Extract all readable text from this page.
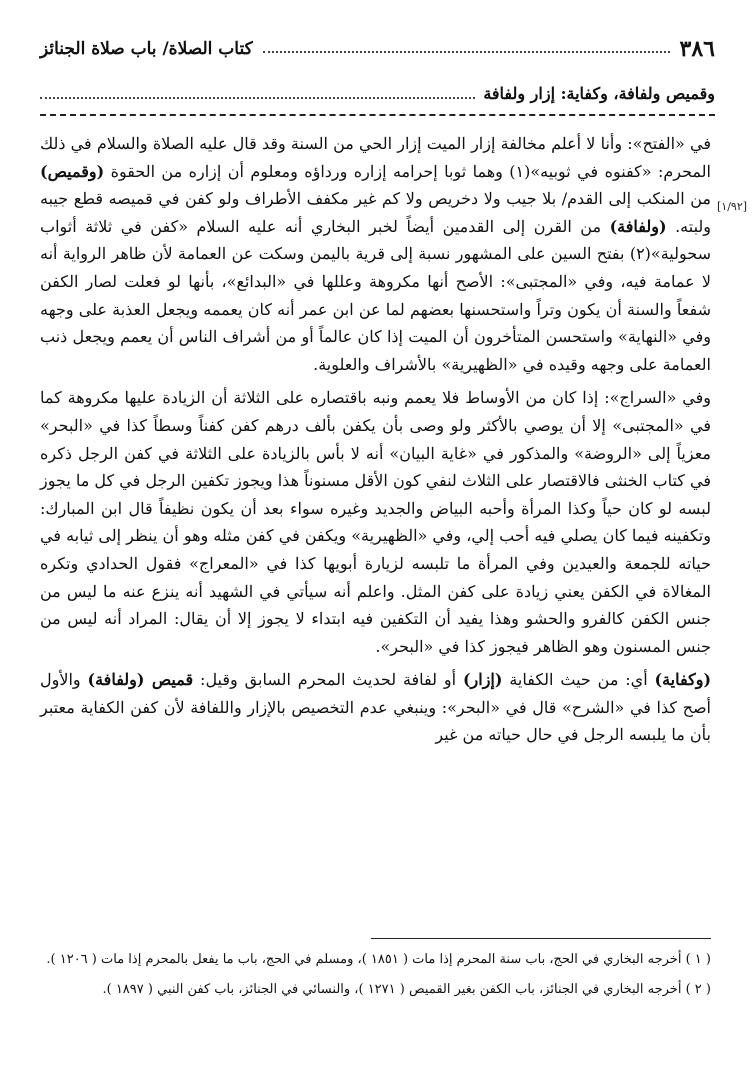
٣٨٦
كتاب الصلاة/ باب صلاة الجنائز
وقميص ولفافة، وكفاية: إزار ولفافة
[١/٩٢]

في «الفتح»: وأنا لا أعلم مخالفة إزار الميت إزار الحي من السنة وقد قال عليه الصلاة والسلام في ذلك المحرم: «كفنوه في ثوبيه»(١) وهما ثوبا إحرامه إزاره ورداؤه ومعلوم أن إزاره من الحقوة (وقميص) من المنكب إلى القدم/ بلا جيب ولا دخريص ولا كم غير مكفف الأطراف ولو كفن في قميصه قطع جيبه ولبته. (ولفافة) من القرن إلى القدمين أيضاً لخبر البخاري أنه عليه السلام «كفن في ثلاثة أثواب سحولية»(٢) بفتح السين على المشهور نسبة إلى قرية باليمن وسكت عن العمامة لأن ظاهر الرواية أنه لا عمامة فيه، وفي «المجتبى»: الأصح أنها مكروهة وعللها في «البدائع»، بأنها لو فعلت لصار الكفن شفعاً والسنة أن يكون وتراً واستحسنها بعضهم لما عن ابن عمر أنه كان يعممه ويجعل العذبة على وجهه وفي «النهاية» واستحسن المتأخرون أن الميت إذا كان عالماً أو من أشراف الناس أن يعمم ويجعل ذنب العمامة على وجهه وقيده في «الظهيرية» بالأشراف والعلوية.

وفي «السراج»: إذا كان من الأوساط فلا يعمم ونبه باقتصاره على الثلاثة أن الزيادة عليها مكروهة كما في «المجتبى» إلا أن يوصي بالأكثر ولو وصى بأن يكفن بألف درهم كفن كفناً وسطاً كذا في «البحر» معزياً إلى «الروضة» والمذكور في «غاية البيان» أنه لا بأس بالزيادة على الثلاثة في كفن الرجل ذكره في كتاب الخنثى فالاقتصار على الثلاث لنفي كون الأقل مسنوناً هذا ويجوز تكفين الرجل في كل ما يجوز لبسه لو كان حياً وكذا المرأة وأحبه البياض والجديد وغيره سواء بعد أن يكون نظيفاً قال ابن المبارك: وتكفينه فيما كان يصلي فيه أحب إلي، وفي «الظهيرية» ويكفن في كفن مثله وهو أن ينظر إلى ثيابه في حياته للجمعة والعيدين وفي المرأة ما تلبسه لزيارة أبويها كذا في «المعراج» فقول الحدادي وتكره المغالاة في الكفن يعني زيادة على كفن المثل. واعلم أنه سيأتي في الشهيد أنه ينزع عنه ما ليس من جنس الكفن كالفرو والحشو وهذا يفيد أن التكفين فيه ابتداء لا يجوز إلا أن يقال: المراد أنه ليس من جنس المسنون وهو الظاهر فيجوز كذا في «البحر».

(وكفاية) أي: من حيث الكفاية (إزار) أو لفافة لحديث المحرم السابق وقيل: قميص (ولفافة) والأول أصح كذا في «الشرح» قال في «البحر»: وينبغي عدم التخصيص بالإزار واللفافة لأن كفن الكفاية معتبر بأن ما يلبسه الرجل في حال حياته من غير

( ١ ) أخرجه البخاري في الحج، باب سنة المحرم إذا مات ( ١٨٥١ )، ومسلم في الحج، باب ما يفعل بالمحرم إذا مات ( ١٢٠٦ ).

( ٢ ) أخرجه البخاري في الجنائز، باب الكفن بغير القميص ( ١٢٧١ )، والنسائي في الجنائز، باب كفن النبي ( ١٨٩٧ ).
